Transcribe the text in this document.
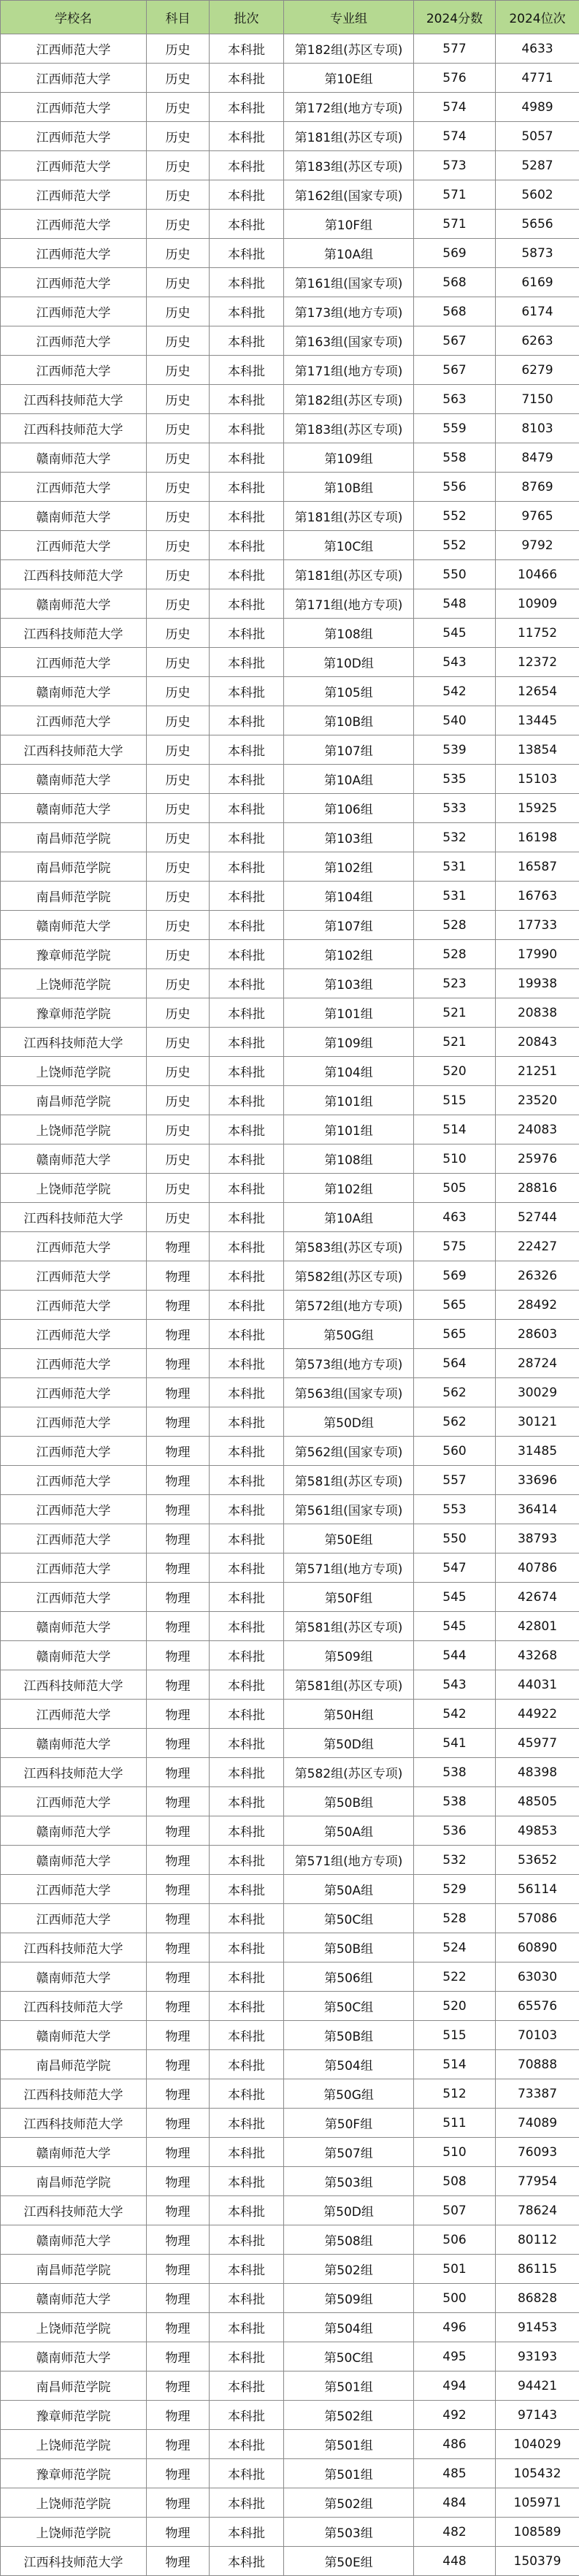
学校名	科目	批次	专业组	2024分数	2024位次
江西师范大学	历史	本科批	第182组(苏区专项)	577	4633
江西师范大学	历史	本科批	第10E组	576	4771
江西师范大学	历史	本科批	第172组(地方专项)	574	4989
江西师范大学	历史	本科批	第181组(苏区专项)	574	5057
江西师范大学	历史	本科批	第183组(苏区专项)	573	5287
江西师范大学	历史	本科批	第162组(国家专项)	571	5602
江西师范大学	历史	本科批	第10F组	571	5656
江西师范大学	历史	本科批	第10A组	569	5873
江西师范大学	历史	本科批	第161组(国家专项)	568	6169
江西师范大学	历史	本科批	第173组(地方专项)	568	6174
江西师范大学	历史	本科批	第163组(国家专项)	567	6263
江西师范大学	历史	本科批	第171组(地方专项)	567	6279
江西科技师范大学	历史	本科批	第182组(苏区专项)	563	7150
江西科技师范大学	历史	本科批	第183组(苏区专项)	559	8103
赣南师范大学	历史	本科批	第109组	558	8479
江西师范大学	历史	本科批	第10B组	556	8769
赣南师范大学	历史	本科批	第181组(苏区专项)	552	9765
江西师范大学	历史	本科批	第10C组	552	9792
江西科技师范大学	历史	本科批	第181组(苏区专项)	550	10466
赣南师范大学	历史	本科批	第171组(地方专项)	548	10909
江西科技师范大学	历史	本科批	第108组	545	11752
江西师范大学	历史	本科批	第10D组	543	12372
赣南师范大学	历史	本科批	第105组	542	12654
江西师范大学	历史	本科批	第10B组	540	13445
江西科技师范大学	历史	本科批	第107组	539	13854
赣南师范大学	历史	本科批	第10A组	535	15103
赣南师范大学	历史	本科批	第106组	533	15925
南昌师范学院	历史	本科批	第103组	532	16198
南昌师范学院	历史	本科批	第102组	531	16587
南昌师范学院	历史	本科批	第104组	531	16763
赣南师范大学	历史	本科批	第107组	528	17733
豫章师范学院	历史	本科批	第102组	528	17990
上饶师范学院	历史	本科批	第103组	523	19938
豫章师范学院	历史	本科批	第101组	521	20838
江西科技师范大学	历史	本科批	第109组	521	20843
上饶师范学院	历史	本科批	第104组	520	21251
南昌师范学院	历史	本科批	第101组	515	23520
上饶师范学院	历史	本科批	第101组	514	24083
赣南师范大学	历史	本科批	第108组	510	25976
上饶师范学院	历史	本科批	第102组	505	28816
江西科技师范大学	历史	本科批	第10A组	463	52744
江西师范大学	物理	本科批	第583组(苏区专项)	575	22427
江西师范大学	物理	本科批	第582组(苏区专项)	569	26326
江西师范大学	物理	本科批	第572组(地方专项)	565	28492
江西师范大学	物理	本科批	第50G组	565	28603
江西师范大学	物理	本科批	第573组(地方专项)	564	28724
江西师范大学	物理	本科批	第563组(国家专项)	562	30029
江西师范大学	物理	本科批	第50D组	562	30121
江西师范大学	物理	本科批	第562组(国家专项)	560	31485
江西师范大学	物理	本科批	第581组(苏区专项)	557	33696
江西师范大学	物理	本科批	第561组(国家专项)	553	36414
江西师范大学	物理	本科批	第50E组	550	38793
江西师范大学	物理	本科批	第571组(地方专项)	547	40786
江西师范大学	物理	本科批	第50F组	545	42674
赣南师范大学	物理	本科批	第581组(苏区专项)	545	42801
赣南师范大学	物理	本科批	第509组	544	43268
江西科技师范大学	物理	本科批	第581组(苏区专项)	543	44031
江西师范大学	物理	本科批	第50H组	542	44922
赣南师范大学	物理	本科批	第50D组	541	45977
江西科技师范大学	物理	本科批	第582组(苏区专项)	538	48398
江西师范大学	物理	本科批	第50B组	538	48505
赣南师范大学	物理	本科批	第50A组	536	49853
赣南师范大学	物理	本科批	第571组(地方专项)	532	53652
江西师范大学	物理	本科批	第50A组	529	56114
江西师范大学	物理	本科批	第50C组	528	57086
江西科技师范大学	物理	本科批	第50B组	524	60890
赣南师范大学	物理	本科批	第506组	522	63030
江西科技师范大学	物理	本科批	第50C组	520	65576
赣南师范大学	物理	本科批	第50B组	515	70103
南昌师范学院	物理	本科批	第504组	514	70888
江西科技师范大学	物理	本科批	第50G组	512	73387
江西科技师范大学	物理	本科批	第50F组	511	74089
赣南师范大学	物理	本科批	第507组	510	76093
南昌师范学院	物理	本科批	第503组	508	77954
江西科技师范大学	物理	本科批	第50D组	507	78624
赣南师范大学	物理	本科批	第508组	506	80112
南昌师范学院	物理	本科批	第502组	501	86115
赣南师范大学	物理	本科批	第509组	500	86828
上饶师范学院	物理	本科批	第504组	496	91453
赣南师范大学	物理	本科批	第50C组	495	93193
南昌师范学院	物理	本科批	第501组	494	94421
豫章师范学院	物理	本科批	第502组	492	97143
上饶师范学院	物理	本科批	第501组	486	104029
豫章师范学院	物理	本科批	第501组	485	105432
上饶师范学院	物理	本科批	第502组	484	105971
上饶师范学院	物理	本科批	第503组	482	108589
江西科技师范大学	物理	本科批	第50E组	448	150379
